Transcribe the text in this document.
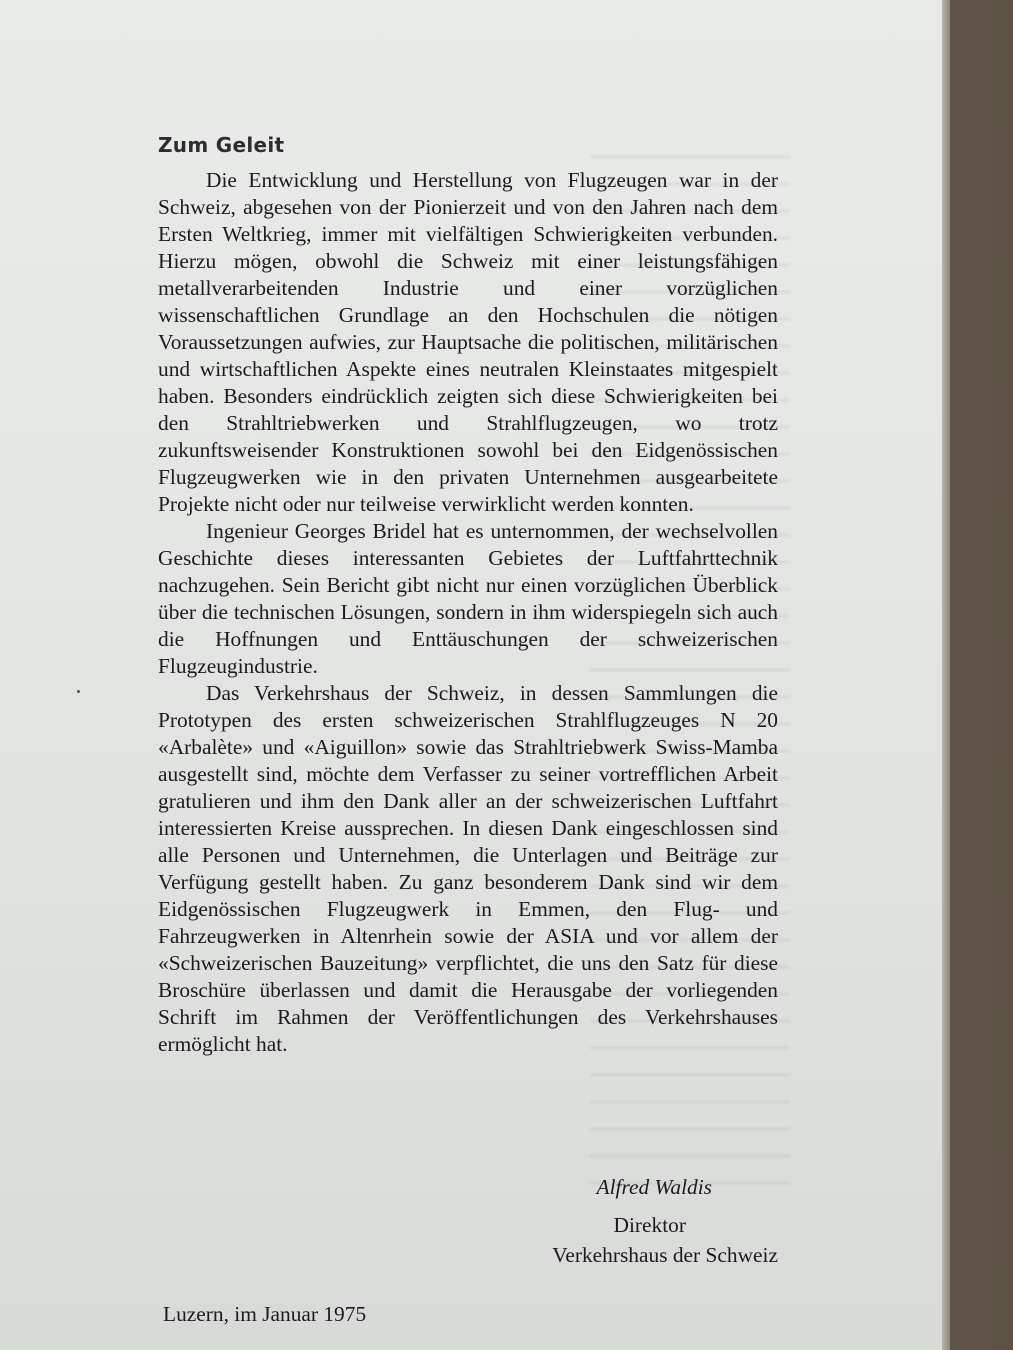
Zum Geleit

Die Entwicklung und Herstellung von Flugzeugen war in der Schweiz, abgesehen von der Pionierzeit und von den Jahren nach dem Ersten Weltkrieg, immer mit vielfältigen Schwierigkeiten verbunden. Hierzu mögen, obwohl die Schweiz mit einer leistungsfähigen metallverarbeitenden Industrie und einer vorzüglichen wissenschaftlichen Grundlage an den Hochschulen die nötigen Voraussetzungen aufwies, zur Hauptsache die politischen, militärischen und wirtschaftlichen Aspekte eines neutralen Kleinstaates mitgespielt haben. Besonders eindrücklich zeigten sich diese Schwierigkeiten bei den Strahltriebwerken und Strahlflugzeugen, wo trotz zukunftsweisender Konstruktionen sowohl bei den Eidgenössischen Flugzeugwerken wie in den privaten Unternehmen ausgearbeitete Projekte nicht oder nur teilweise verwirklicht werden konnten.

Ingenieur Georges Bridel hat es unternommen, der wechselvollen Geschichte dieses interessanten Gebietes der Luftfahrttechnik nachzugehen. Sein Bericht gibt nicht nur einen vorzüglichen Überblick über die technischen Lösungen, sondern in ihm widerspiegeln sich auch die Hoffnungen und Enttäuschungen der schweizerischen Flugzeugindustrie.

Das Verkehrshaus der Schweiz, in dessen Sammlungen die Prototypen des ersten schweizerischen Strahlflugzeuges N 20 «Arbalète» und «Aiguillon» sowie das Strahltriebwerk Swiss-Mamba ausgestellt sind, möchte dem Verfasser zu seiner vortrefflichen Arbeit gratulieren und ihm den Dank aller an der schweizerischen Luftfahrt interessierten Kreise aussprechen. In diesen Dank eingeschlossen sind alle Personen und Unternehmen, die Unterlagen und Beiträge zur Verfügung gestellt haben. Zu ganz besonderem Dank sind wir dem Eidgenössischen Flugzeugwerk in Emmen, den Flug- und Fahrzeugwerken in Altenrhein sowie der ASIA und vor allem der «Schweizerischen Bauzeitung» verpflichtet, die uns den Satz für diese Broschüre überlassen und damit die Herausgabe der vorliegenden Schrift im Rahmen der Veröffentlichungen des Verkehrshauses ermöglicht hat.

Alfred Waldis
Direktor
Verkehrshaus der Schweiz
Luzern, im Januar 1975
